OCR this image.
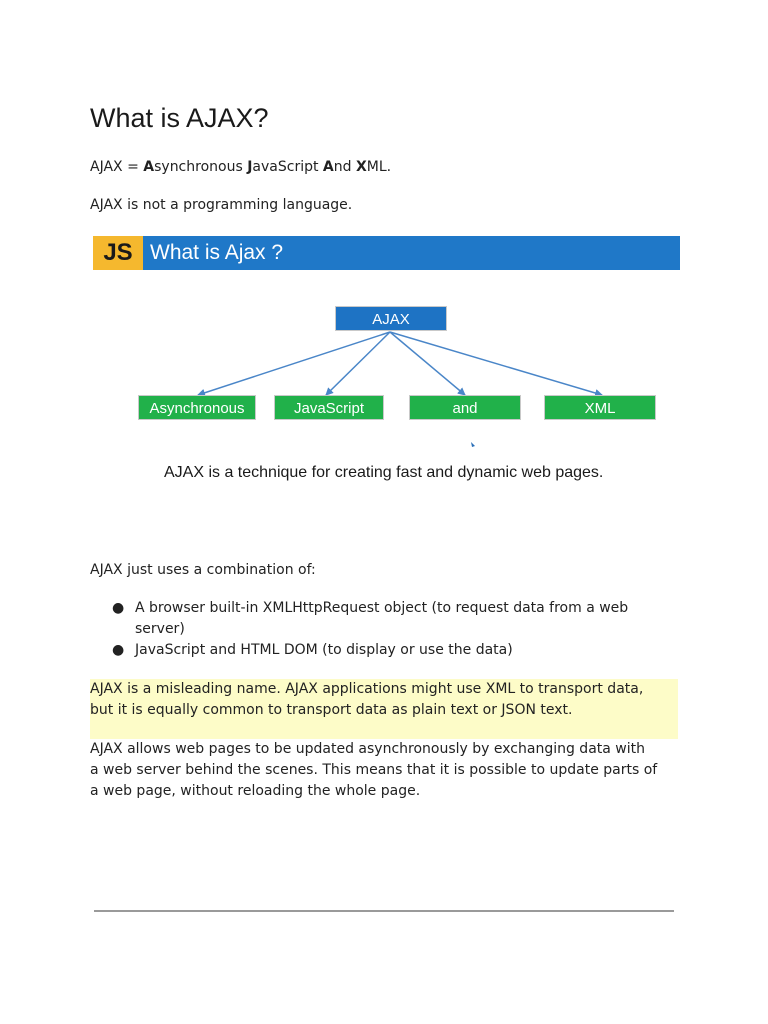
What is AJAX?

AJAX = Asynchronous JavaScript And XML.

AJAX is not a programming language.

JS What is Ajax ?
AJAX
Asynchronous	JavaScript	and	XML
AJAX is a technique for creating fast and dynamic web pages.

AJAX just uses a combination of:

● A browser built-in XMLHttpRequest object (to request data from a web
server)
● JavaScript and HTML DOM (to display or use the data)

AJAX is a misleading name. AJAX applications might use XML to transport data,
but it is equally common to transport data as plain text or JSON text.

AJAX allows web pages to be updated asynchronously by exchanging data with
a web server behind the scenes. This means that it is possible to update parts of
a web page, without reloading the whole page.
